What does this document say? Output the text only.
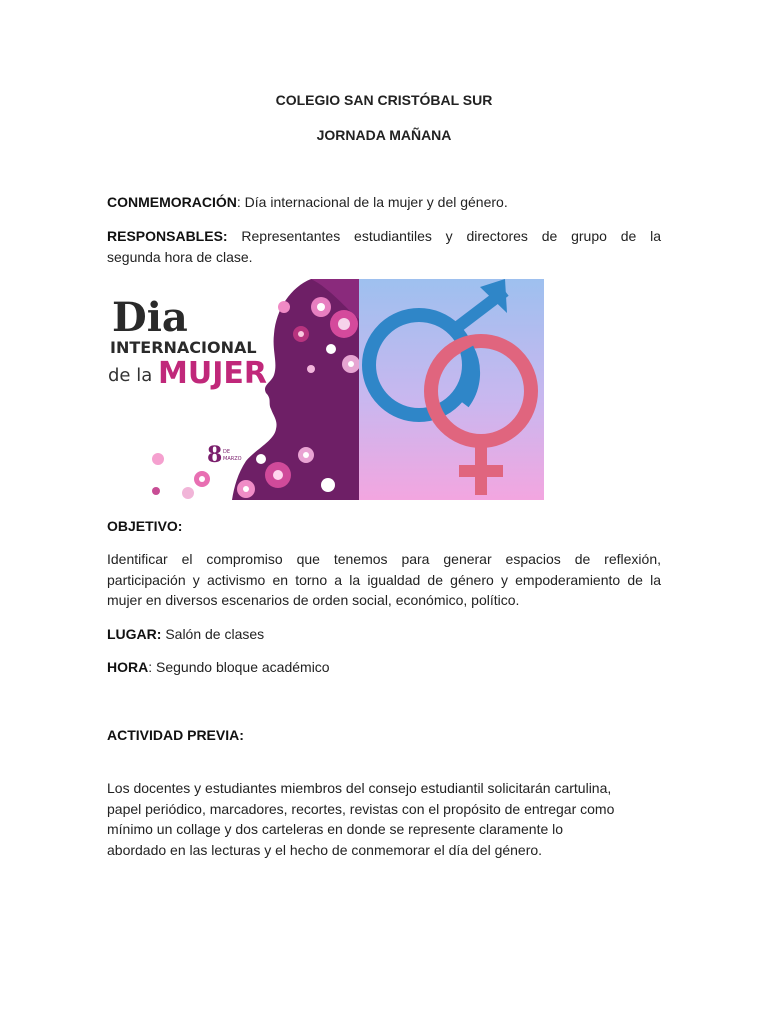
COLEGIO SAN CRISTÓBAL SUR
JORNADA MAÑANA
CONMEMORACIÓN: Día internacional de la mujer y del género.
RESPONSABLES: Representantes estudiantiles y directores de grupo de la
segunda hora de clase.
Dia
INTERNACIONAL
de la MUJER
8 DE
MARZO
OBJETIVO:
Identificar el compromiso que tenemos para generar espacios de reflexión,
participación y activismo en torno a la igualdad de género y empoderamiento de la
mujer en diversos escenarios de orden social, económico, político.
LUGAR: Salón de clases
HORA: Segundo bloque académico
ACTIVIDAD PREVIA:
Los docentes y estudiantes miembros del consejo estudiantil solicitarán cartulina,
papel periódico, marcadores, recortes, revistas con el propósito de entregar como
mínimo un collage y dos carteleras en donde se represente claramente lo
abordado en las lecturas y el hecho de conmemorar el día del género.
